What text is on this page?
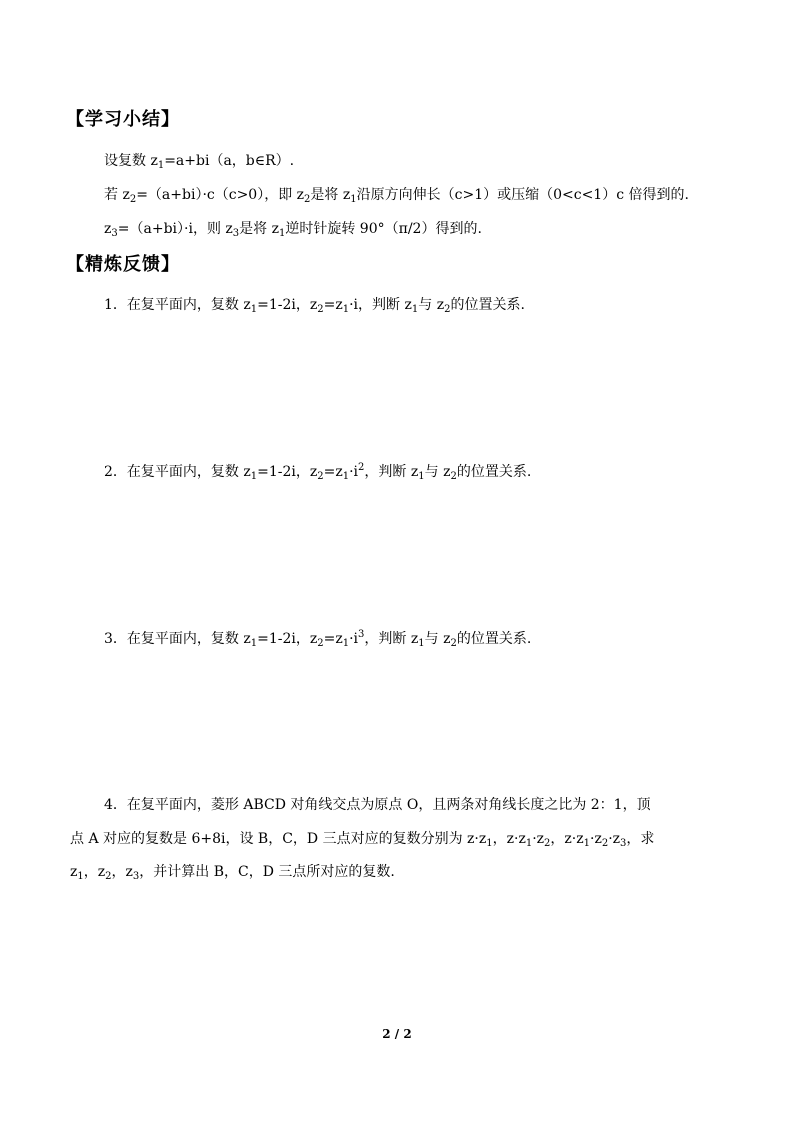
【学习小结】
设复数 $z_1=a+bi(a$，b∈R）.
若 $z_2=(a+bi)\cdot c(c>0)$，即 $z_2$是将 $z_1$沿原方向伸长（c>1）或压缩（0<c<1）c 倍得到的.
$z_3=(a+bi)\cdot i$，则 $z_3$是将 $z_1$逆时针旋转 90°（π/2）得到的.
【精炼反馈】
1．在复平面内，复数 $z_1=1-2i$，$z_2=z_1\cdot i$，判断 $z_1$与 $z_2$的位置关系.
2．在复平面内，复数 $z_1=1-2i$，$z_2=z_1\cdot i^2$，判断 $z_1$与 $z_2$的位置关系.
3．在复平面内，复数 $z_1=1-2i$，$z_2=z_1\cdot i^3$，判断 $z_1$与 $z_2$的位置关系.
4．在复平面内，菱形 ABCD 对角线交点为原点 O，且两条对角线长度之比为 2：1，顶
点 A 对应的复数是 6+8i，设 B，C，D 三点对应的复数分别为 $z\cdot z_1$，$z\cdot z_1\cdot z_2$，$z\cdot z_1\cdot z_2\cdot z_3$，求
$z_1$，$z_2$，$z_3$，并计算出 B，C，D 三点所对应的复数.
2 / 2
